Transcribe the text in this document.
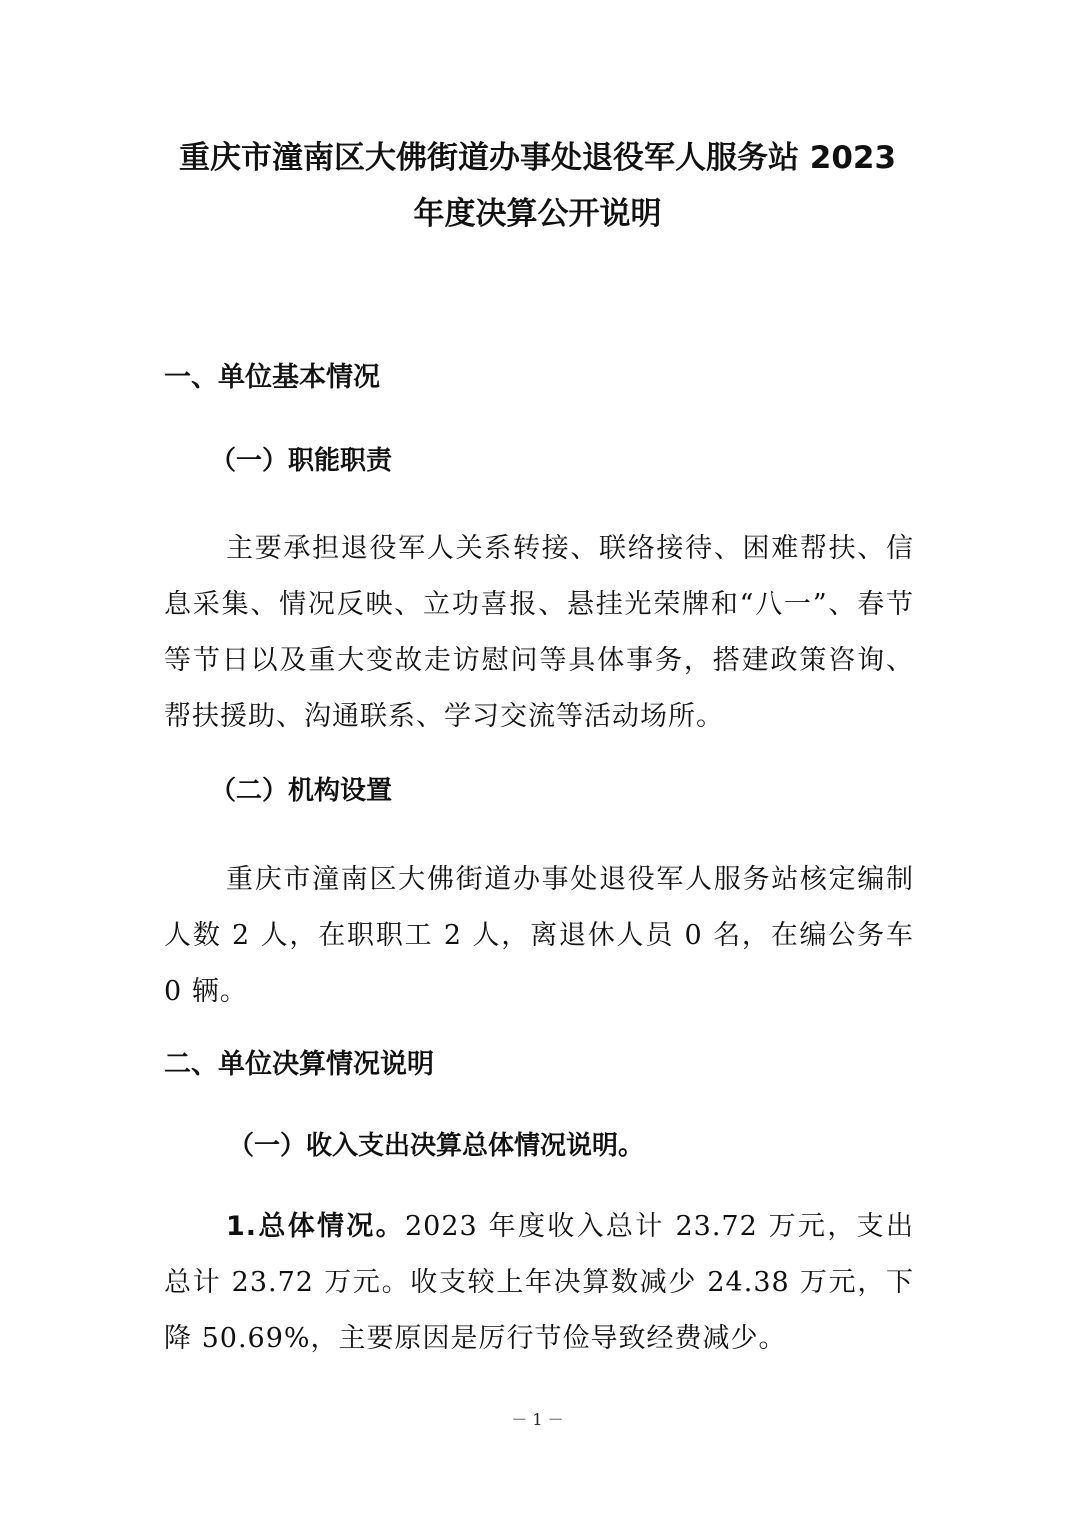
重庆市潼南区大佛街道办事处退役军人服务站 2023
年度决算公开说明
一、单位基本情况
（一）职能职责

主要承担退役军人关系转接、联络接待、困难帮扶、信息采集、情况反映、立功喜报、悬挂光荣牌和“八一”、春节等节日以及重大变故走访慰问等具体事务，搭建政策咨询、帮扶援助、沟通联系、学习交流等活动场所。

（二）机构设置

重庆市潼南区大佛街道办事处退役军人服务站核定编制人数 2 人，在职职工 2 人，离退休人员 0 名，在编公务车 0 辆。

二、单位决算情况说明
（一）收入支出决算总体情况说明。

1.总体情况。2023 年度收入总计 23.72 万元，支出总计 23.72 万元。收支较上年决算数减少 24.38 万元，下降 50.69%，主要原因是厉行节俭导致经费减少。

－ 1 －
